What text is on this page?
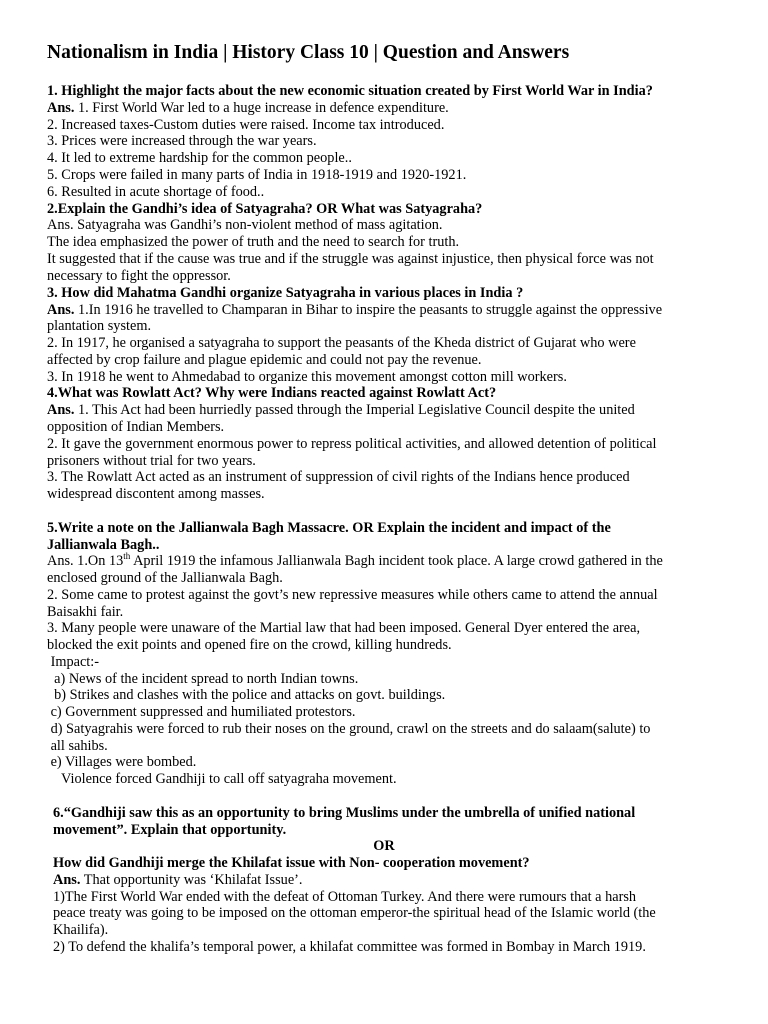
Nationalism in India | History Class 10 | Question and Answers
1. Highlight the major facts about the new economic situation created by First World War in India?
Ans. 1. First World War led to a huge increase in defence expenditure.
2. Increased taxes-Custom duties were raised. Income tax introduced.
3. Prices were increased through the war years.
4. It led to extreme hardship for the common people..
5. Crops were failed in many parts of India in 1918-1919 and 1920-1921.
6. Resulted in acute shortage of food..
2.Explain the Gandhi’s idea of Satyagraha? OR What was Satyagraha?
Ans. Satyagraha was Gandhi’s non-violent method of mass agitation.
The idea emphasized the power of truth and the need to search for truth.
It suggested that if the cause was true and if the struggle was against injustice, then physical force was not
necessary to fight the oppressor.
3. How did Mahatma Gandhi organize Satyagraha in various places in India ?
Ans. 1.In 1916 he travelled to Champaran in Bihar to inspire the peasants to struggle against the oppressive
plantation system.
2. In 1917, he organised a satyagraha to support the peasants of the Kheda district of Gujarat who were
affected by crop failure and plague epidemic and could not pay the revenue.
3. In 1918 he went to Ahmedabad to organize this movement amongst cotton mill workers.
4.What was Rowlatt Act? Why were Indians reacted against Rowlatt Act?
Ans. 1. This Act had been hurriedly passed through the Imperial Legislative Council despite the united
opposition of Indian Members.
2. It gave the government enormous power to repress political activities, and allowed detention of political
prisoners without trial for two years.
3. The Rowlatt Act acted as an instrument of suppression of civil rights of the Indians hence produced
widespread discontent among masses.
5.Write a note on the Jallianwala Bagh Massacre. OR Explain the incident and impact of the
Jallianwala Bagh..
Ans. 1.On 13th April 1919 the infamous Jallianwala Bagh incident took place. A large crowd gathered in the
enclosed ground of the Jallianwala Bagh.
2. Some came to protest against the govt’s new repressive measures while others came to attend the annual
Baisakhi fair.
3. Many people were unaware of the Martial law that had been imposed. General Dyer entered the area,
blocked the exit points and opened fire on the crowd, killing hundreds.
Impact:-
a) News of the incident spread to north Indian towns.
b) Strikes and clashes with the police and attacks on govt. buildings.
c) Government suppressed and humiliated protestors.
d) Satyagrahis were forced to rub their noses on the ground, crawl on the streets and do salaam(salute) to
all sahibs.
e) Villages were bombed.
Violence forced Gandhiji to call off satyagraha movement.
6.“Gandhiji saw this as an opportunity to bring Muslims under the umbrella of unified national
movement”. Explain that opportunity.
OR
How did Gandhiji merge the Khilafat issue with Non- cooperation movement?
Ans. That opportunity was ‘Khilafat Issue’.
1)The First World War ended with the defeat of Ottoman Turkey. And there were rumours that a harsh
peace treaty was going to be imposed on the ottoman emperor-the spiritual head of the Islamic world (the
Khailifa).
2) To defend the khalifa’s temporal power, a khilafat committee was formed in Bombay in March 1919.
